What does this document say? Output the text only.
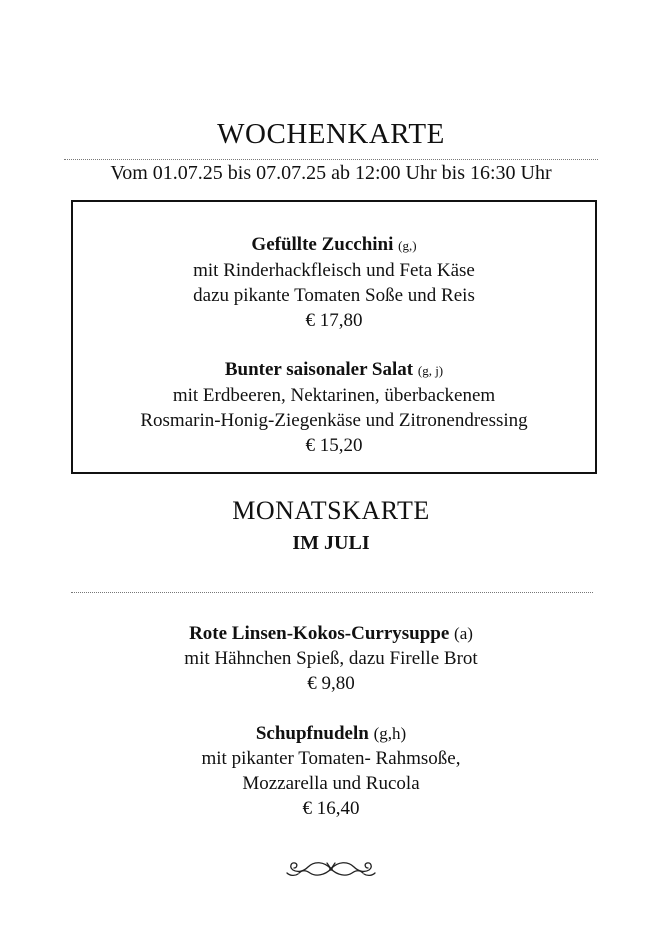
WOCHENKARTE
Vom 01.07.25 bis 07.07.25 ab 12:00 Uhr bis 16:30 Uhr
Gefüllte Zucchini (g,)
mit Rinderhackfleisch und Feta Käse
dazu pikante Tomaten Soße und Reis
€ 17,80
Bunter saisonaler Salat (g, j)
mit Erdbeeren, Nektarinen, überbackenem
Rosmarin-Honig-Ziegenkäse und Zitronendressing
€ 15,20
MONATSKARTE
IM JULI
Rote Linsen-Kokos-Currysuppe (a)
mit Hähnchen Spieß, dazu Firelle Brot
€ 9,80
Schupfnudeln (g,h)
mit pikanter Tomaten- Rahmsoße,
Mozzarella und Rucola
€ 16,40
